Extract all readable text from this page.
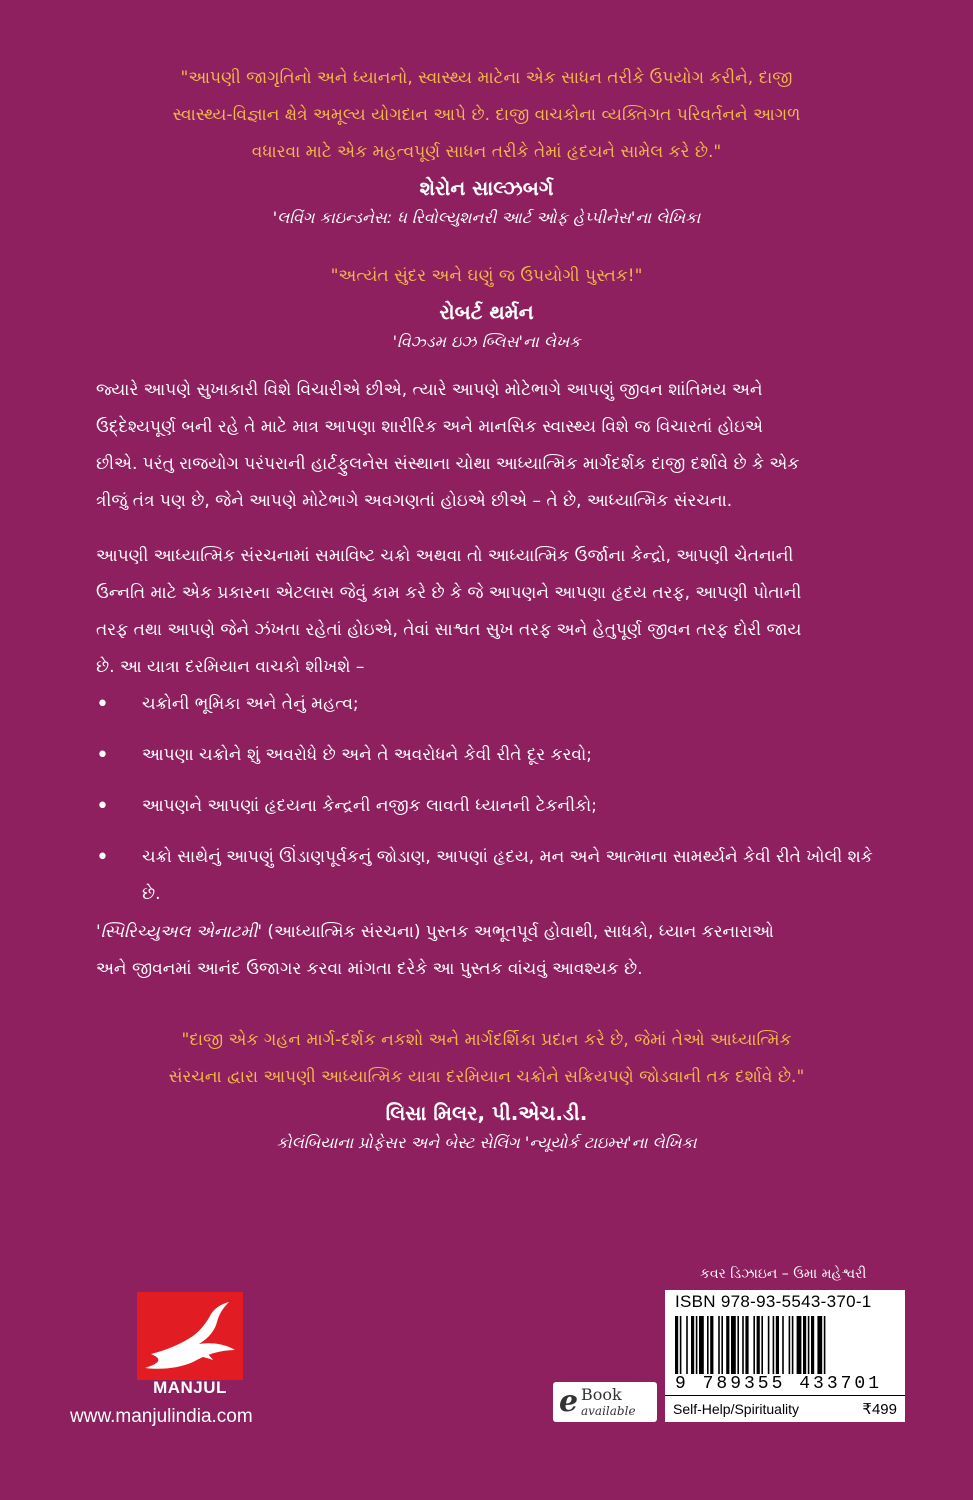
"આપણી જાગૃતિનો અને ધ્યાનનો, સ્વાસ્થ્ય માટેના એક સાધન તરીકે ઉપયોગ કરીને, દાજી

સ્વાસ્થ્ય-વિજ્ઞાન ક્ષેત્રે અમૂલ્ય યોગદાન આપે છે. દાજી વાચકોના વ્યક્તિગત પરિવર્તનને આગળ

વધારવા માટે એક મહત્વપૂર્ણ સાધન તરીકે તેમાં હૃદયને સામેલ કરે છે."

શેરોન સાલ્ઝબર્ગ

'લવિંગ કાઇન્ડનેસ: ધ રિવોલ્યુશનરી આર્ટ ઓફ હેપ્પીનેસ'ના લેખિકા

"અત્યંત સુંદર અને ઘણું જ ઉપયોગી પુસ્તક!"

રોબર્ટ થર્મન

'વિઝ્ડમ ઇઝ બ્લિસ'ના લેખક

જ્યારે આપણે સુખાકારી વિશે વિચારીએ છીએ, ત્યારે આપણે મોટેભાગે આપણું જીવન શાંતિમય અને

ઉદ્દેશ્યપૂર્ણ બની રહે તે માટે માત્ર આપણા શારીરિક અને માનસિક સ્વાસ્થ્ય વિશે જ વિચારતાં હોઇએ

છીએ. પરંતુ રાજયોગ પરંપરાની હાર્ટફુલનેસ સંસ્થાના ચોથા આધ્યાત્મિક માર્ગદર્શક દાજી દર્શાવે છે કે એક

ત્રીજું તંત્ર પણ છે, જેને આપણે મોટેભાગે અવગણતાં હોઇએ છીએ – તે છે, આધ્યાત્મિક સંરચના.

આપણી આધ્યાત્મિક સંરચનામાં સમાવિષ્ટ ચક્રો અથવા તો આધ્યાત્મિક ઉર્જાના કેન્દ્રો, આપણી ચેતનાની

ઉન્નતિ માટે એક પ્રકારના એટલાસ જેવું કામ કરે છે કે જે આપણને આપણા હૃદય તરફ, આપણી પોતાની

તરફ તથા આપણે જેને ઝંખતા રહેતાં હોઇએ, તેવાં સાશ્વત સુખ તરફ અને હેતુપૂર્ણ જીવન તરફ દોરી જાય

છે. આ યાત્રા દરમિયાન વાચકો શીખશે –

• ચક્રોની ભૂમિકા અને તેનું મહત્વ;
• આપણા ચક્રોને શું અવરોધે છે અને તે અવરોધને કેવી રીતે દૂર કરવો;
• આપણને આપણાં હૃદયના કેન્દ્રની નજીક લાવતી ધ્યાનની ટેકનીકો;
• ચક્રો સાથેનું આપણું ઊંડાણપૂર્વકનું જોડાણ, આપણાં હૃદય, મન અને આત્માના સામર્થ્યને કેવી રીતે ખોલી શકે છે.

'સ્પિરિચ્યુઅલ એનાટમી' (આધ્યાત્મિક સંરચના) પુસ્તક અભૂતપૂર્વ હોવાથી, સાધકો, ધ્યાન કરનારાઓ

અને જીવનમાં આનંદ ઉજાગર કરવા માંગતા દરેકે આ પુસ્તક વાંચવું આવશ્યક છે.

"દાજી એક ગહન માર્ગ-દર્શક નકશો અને માર્ગદર્શિકા પ્રદાન કરે છે, જેમાં તેઓ આધ્યાત્મિક

સંરચના દ્વારા આપણી આધ્યાત્મિક યાત્રા દરમિયાન ચક્રોને સક્રિયપણે જોડવાની તક દર્શાવે છે."

લિસા મિલર, પી.એચ.ડી.

કોલંબિયાના પ્રોફેસર અને બેસ્ટ સેલિંગ 'ન્યૂયોર્ક ટાઇમ્સ'ના લેખિકા

કવર ડિઝાઇન – ઉમા મહેશ્વરી
MANJUL
www.manjulindia.com	e Book
available
ISBN 978-93-5543-370-1
9 789355 433701
Self-Help/Spirituality	₹499
